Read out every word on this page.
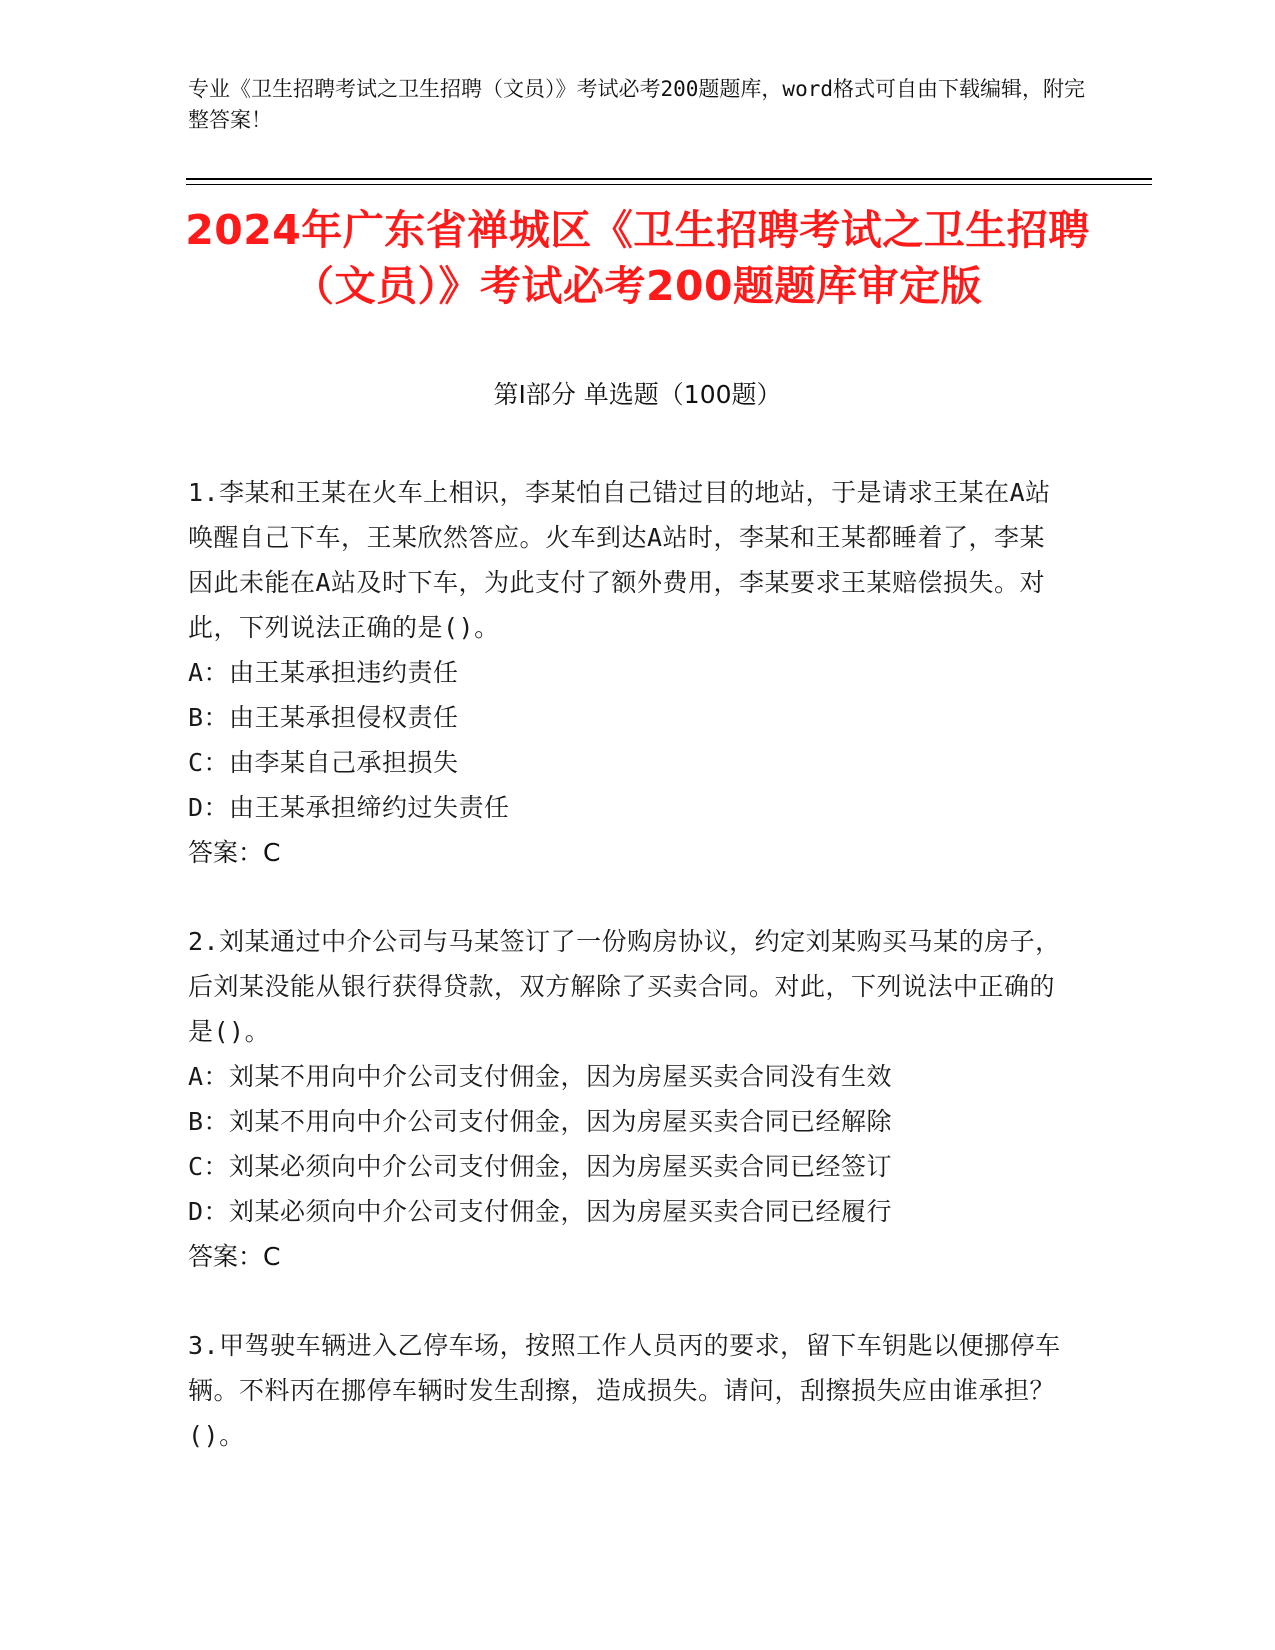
专业《卫生招聘考试之卫生招聘（文员）》考试必考200题题库，word格式可自由下载编辑，附完整答案！
2024年广东省禅城区《卫生招聘考试之卫生招聘（文员）》考试必考200题题库审定版
第Ⅰ部分 单选题（100题）

1.李某和王某在火车上相识，李某怕自己错过目的地站，于是请求王某在A站唤醒自己下车，王某欣然答应。火车到达A站时，李某和王某都睡着了，李某因此未能在A站及时下车，为此支付了额外费用，李某要求王某赔偿损失。对此，下列说法正确的是()。

A：由王某承担违约责任

B：由王某承担侵权责任

C：由李某自己承担损失

D：由王某承担缔约过失责任

答案：C

2.刘某通过中介公司与马某签订了一份购房协议，约定刘某购买马某的房子，后刘某没能从银行获得贷款，双方解除了买卖合同。对此，下列说法中正确的是()。

A：刘某不用向中介公司支付佣金，因为房屋买卖合同没有生效

B：刘某不用向中介公司支付佣金，因为房屋买卖合同已经解除

C：刘某必须向中介公司支付佣金，因为房屋买卖合同已经签订

D：刘某必须向中介公司支付佣金，因为房屋买卖合同已经履行

答案：C

3.甲驾驶车辆进入乙停车场，按照工作人员丙的要求，留下车钥匙以便挪停车辆。不料丙在挪停车辆时发生刮擦，造成损失。请问，刮擦损失应由谁承担？()。
